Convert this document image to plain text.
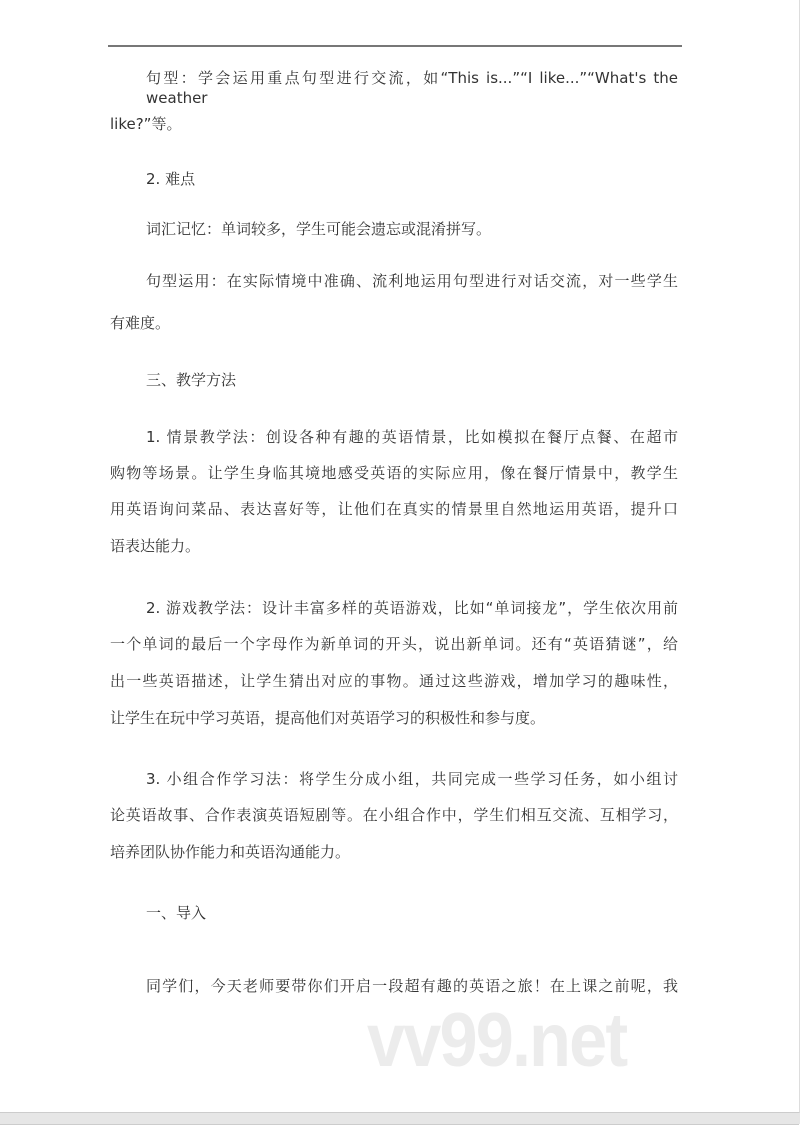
句型：学会运用重点句型进行交流，如“This is...”“I like...”“What's the weather
like?”等。
2. 难点
词汇记忆：单词较多，学生可能会遗忘或混淆拼写。
句型运用：在实际情境中准确、流利地运用句型进行对话交流，对一些学生
有难度。
三、教学方法
1. 情景教学法：创设各种有趣的英语情景，比如模拟在餐厅点餐、在超市
购物等场景。让学生身临其境地感受英语的实际应用，像在餐厅情景中，教学生
用英语询问菜品、表达喜好等，让他们在真实的情景里自然地运用英语，提升口
语表达能力。
2. 游戏教学法：设计丰富多样的英语游戏，比如“单词接龙”，学生依次用前
一个单词的最后一个字母作为新单词的开头，说出新单词。还有“英语猜谜”，给
出一些英语描述，让学生猜出对应的事物。通过这些游戏，增加学习的趣味性，
让学生在玩中学习英语，提高他们对英语学习的积极性和参与度。
3. 小组合作学习法：将学生分成小组，共同完成一些学习任务，如小组讨
论英语故事、合作表演英语短剧等。在小组合作中，学生们相互交流、互相学习，
培养团队协作能力和英语沟通能力。
一、导入
同学们，今天老师要带你们开启一段超有趣的英语之旅！在上课之前呢，我
vv99.net
